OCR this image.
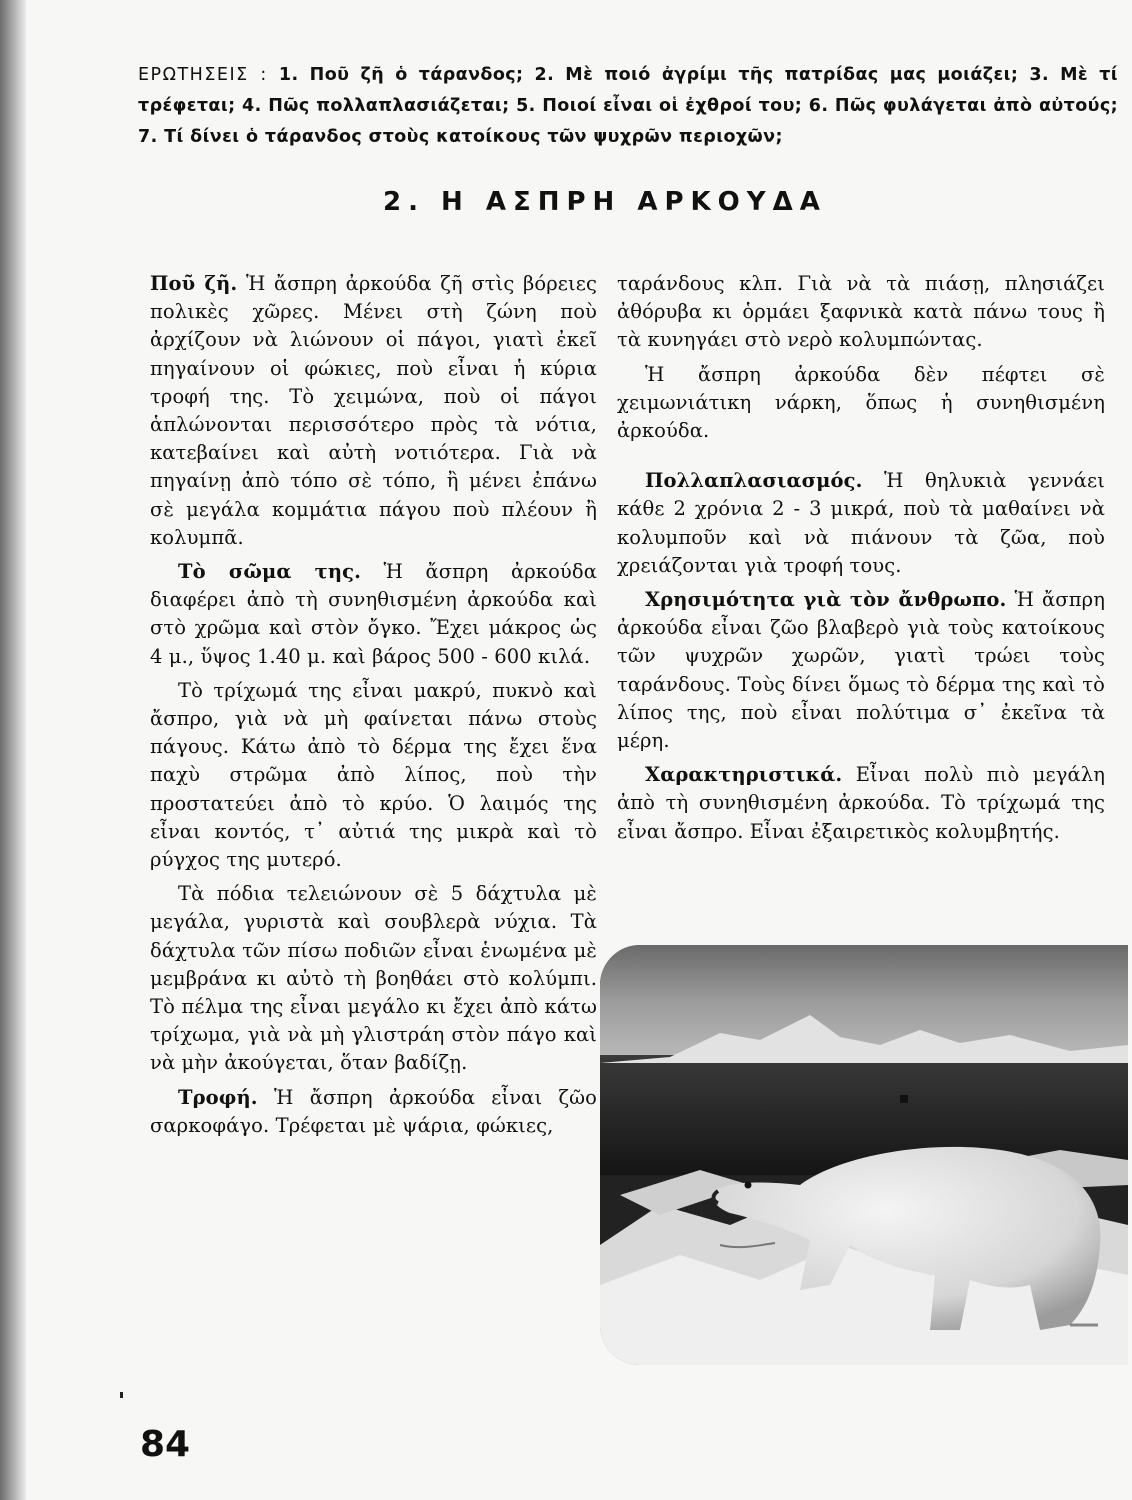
ΕΡΩΤΗΣΕΙΣ : 1. Ποῦ ζῆ ὁ τάρανδος; 2. Μὲ ποιό ἀγρίμι τῆς πατρίδας μας μοιάζει; 3. Μὲ τί τρέφεται; 4. Πῶς πολλαπλασιάζεται; 5. Ποιοί εἶναι οἱ ἐχθροί του; 6. Πῶς φυλάγεται ἀπὸ αὐτούς; 7. Τί δίνει ὁ τάρανδος στοὺς κατοίκους τῶν ψυχρῶν περιοχῶν;
2. Η ΑΣΠΡΗ ΑΡΚΟΥΔΑ

Ποῦ ζῆ. Ἡ ἄσπρη ἀρκούδα ζῆ στὶς βόρειες πολικὲς χῶρες. Μένει στὴ ζώνη ποὺ ἀρχίζουν νὰ λιώνουν οἱ πάγοι, γιατὶ ἐκεῖ πηγαίνουν οἱ φώκιες, ποὺ εἶναι ἡ κύρια τροφή της. Τὸ χειμώνα, ποὺ οἱ πάγοι ἁπλώνονται περισσότερο πρὸς τὰ νότια, κατεβαίνει καὶ αὐτὴ νοτιότερα. Γιὰ νὰ πηγαίνῃ ἀπὸ τόπο σὲ τόπο, ἢ μένει ἐπάνω σὲ μεγάλα κομμάτια πάγου ποὺ πλέουν ἢ κολυμπᾶ.

Τὸ σῶμα της. Ἡ ἄσπρη ἀρκούδα διαφέρει ἀπὸ τὴ συνηθισμένη ἀρκούδα καὶ στὸ χρῶμα καὶ στὸν ὄγκο. Ἔχει μάκρος ὡς 4 μ., ὕψος 1.40 μ. καὶ βάρος 500 - 600 κιλά.

Τὸ τρίχωμά της εἶναι μακρύ, πυκνὸ καὶ ἄσπρο, γιὰ νὰ μὴ φαίνεται πάνω στοὺς πάγους. Κάτω ἀπὸ τὸ δέρμα της ἔχει ἕνα παχὺ στρῶμα ἀπὸ λίπος, ποὺ τὴν προστατεύει ἀπὸ τὸ κρύο. Ὁ λαιμός της εἶναι κοντός, τ᾽ αὐτιά της μικρὰ καὶ τὸ ρύγχος της μυτερό.

Τὰ πόδια τελειώνουν σὲ 5 δάχτυλα μὲ μεγάλα, γυριστὰ καὶ σουβλερὰ νύχια. Τὰ δάχτυλα τῶν πίσω ποδιῶν εἶναι ἑνωμένα μὲ μεμβράνα κι αὐτὸ τὴ βοηθάει στὸ κολύμπι. Τὸ πέλμα της εἶναι μεγάλο κι ἔχει ἀπὸ κάτω τρίχωμα, γιὰ νὰ μὴ γλιστράη στὸν πάγο καὶ νὰ μὴν ἀκούγεται, ὅταν βαδίζῃ.

Τροφή. Ἡ ἄσπρη ἀρκούδα εἶναι ζῶο σαρκοφάγο. Τρέφεται μὲ ψάρια, φώκιες,

ταράνδους κλπ. Γιὰ νὰ τὰ πιάσῃ, πλησιάζει ἀθόρυβα κι ὁρμάει ξαφνικὰ κατὰ πάνω τους ἢ τὰ κυνηγάει στὸ νερὸ κολυμπώντας.

Ἡ ἄσπρη ἀρκούδα δὲν πέφτει σὲ χειμωνιάτικη νάρκη, ὅπως ἡ συνηθισμένη ἀρκούδα.

Πολλαπλασιασμός. Ἡ θηλυκιὰ γεννάει κάθε 2 χρόνια 2 - 3 μικρά, ποὺ τὰ μαθαίνει νὰ κολυμποῦν καὶ νὰ πιάνουν τὰ ζῶα, ποὺ χρειάζονται γιὰ τροφή τους.

Χρησιμότητα γιὰ τὸν ἄνθρωπο. Ἡ ἄσπρη ἀρκούδα εἶναι ζῶο βλαβερὸ γιὰ τοὺς κατοίκους τῶν ψυχρῶν χωρῶν, γιατὶ τρώει τοὺς ταράνδους. Τοὺς δίνει ὅμως τὸ δέρμα της καὶ τὸ λίπος της, ποὺ εἶναι πολύτιμα σ᾽ ἐκεῖνα τὰ μέρη.

Χαρακτηριστικά. Εἶναι πολὺ πιὸ μεγάλη ἀπὸ τὴ συνηθισμένη ἀρκούδα. Τὸ τρίχωμά της εἶναι ἄσπρο. Εἶναι ἐξαιρετικὸς κολυμβητής.

84
